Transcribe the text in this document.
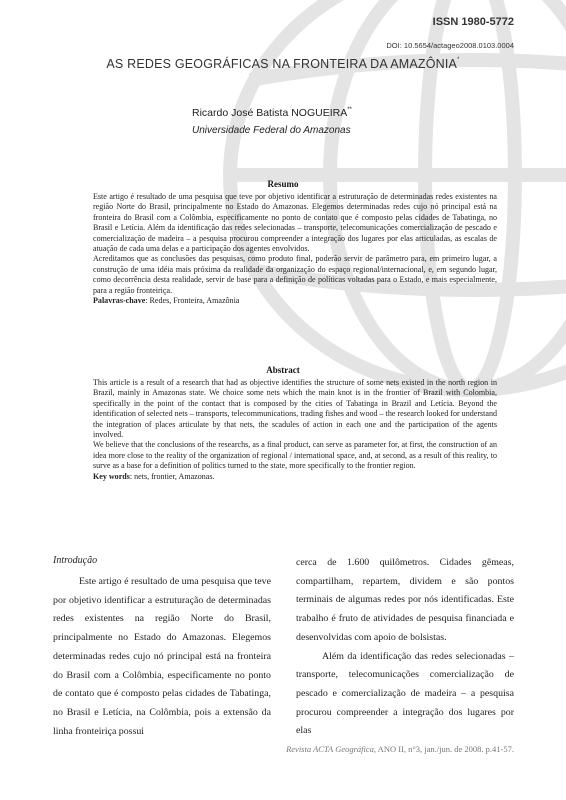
ISSN 1980-5772
DOI: 10.5654/actageo2008.0103.0004
AS REDES GEOGRÁFICAS NA FRONTEIRA DA AMAZÔNIA*
Ricardo José Batista NOGUEIRA**
Universidade Federal do Amazonas
Resumo

Este artigo é resultado de uma pesquisa que teve por objetivo identificar a estruturação de determinadas redes existentes na região Norte do Brasil, principalmente no Estado do Amazonas. Elegemos determinadas redes cujo nó principal está na fronteira do Brasil com a Colômbia, especificamente no ponto de contato que é composto pelas cidades de Tabatinga, no Brasil e Letícia. Além da identificação das redes selecionadas – transporte, telecomunicações comercialização de pescado e comercialização de madeira – a pesquisa procurou compreender a integração dos lugares por elas articuladas, as escalas de atuação de cada uma delas e a participação dos agentes envolvidos.

Acreditamos que as conclusões das pesquisas, como produto final, poderão servir de parâmetro para, em primeiro lugar, a construção de uma idéia mais próxima da realidade da organização do espaço regional/internacional, e, em segundo lugar, como decorrência desta realidade, servir de base para a definição de políticas voltadas para o Estado, e mais especialmente, para a região fronteiriça.

Palavras-chave: Redes, Fronteira, Amazônia

Abstract

This article is a result of a research that had as objective identifies the structure of some nets existed in the north region in Brazil, mainly in Amazonas state. We choice some nets which the main knot is in the frontier of Brazil with Colombia, specifically in the point of the contact that is composed by the cities of Tabatinga in Brazil and Letícia. Beyond the identification of selected nets – transports, telecommunications, trading fishes and wood – the research looked for understand the integration of places articulate by that nets, the scadules of action in each one and the participation of the agents involved.

We believe that the conclusions of the researchs, as a final product, can serve as parameter for, at first, the construction of an idea more close to the reality of the organization of regional / international space, and, at second, as a result of this reality, to surve as a base for a definition of politics turned to the state, more specifically to the frontier region.

Key words: nets, frontier, Amazonas.

Introdução

Este artigo é resultado de uma pesquisa que teve por objetivo identificar a estruturação de determinadas redes existentes na região Norte do Brasil, principalmente no Estado do Amazonas. Elegemos determinadas redes cujo nó principal está na fronteira do Brasil com a Colômbia, especificamente no ponto de contato que é composto pelas cidades de Tabatinga, no Brasil e Letícia, na Colômbia, pois a extensão da linha fronteiriça possui

cerca de 1.600 quilômetros. Cidades gêmeas, compartilham, repartem, dividem e são pontos terminais de algumas redes por nós identificadas. Este trabalho é fruto de atividades de pesquisa financiada e desenvolvidas com apoio de bolsistas.

Além da identificação das redes selecionadas – transporte, telecomunicações comercialização de pescado e comercialização de madeira – a pesquisa procurou compreender a integração dos lugares por elas

Revista ACTA Geográfica, ANO II, n°3, jan./jun. de 2008. p.41-57.
